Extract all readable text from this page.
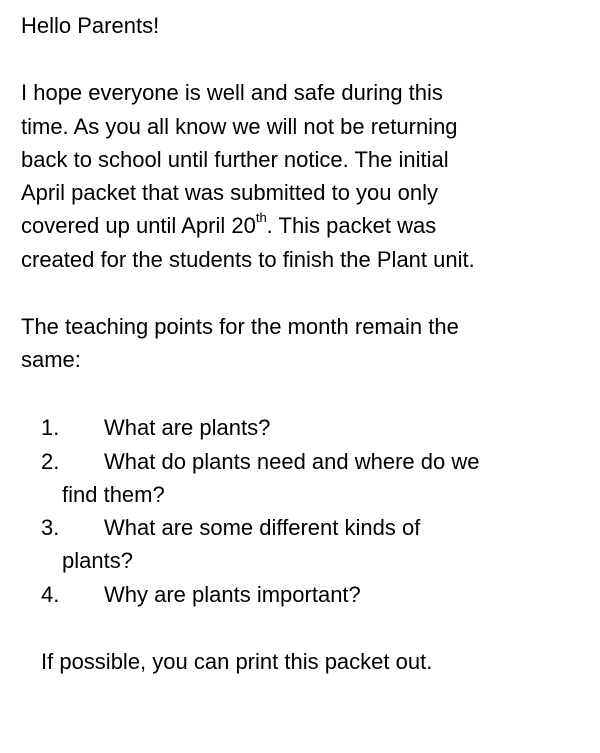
Hello Parents!
I hope everyone is well and safe during this
time. As you all know we will not be returning
back to school until further notice. The initial
April packet that was submitted to you only
covered up until April 20th. This packet was
created for the students to finish the Plant unit.
The teaching points for the month remain the
same:
1. What are plants?
2. What do plants need and where do we
find them?
3. What are some different kinds of
plants?
4. Why are plants important?
If possible, you can print this packet out.
